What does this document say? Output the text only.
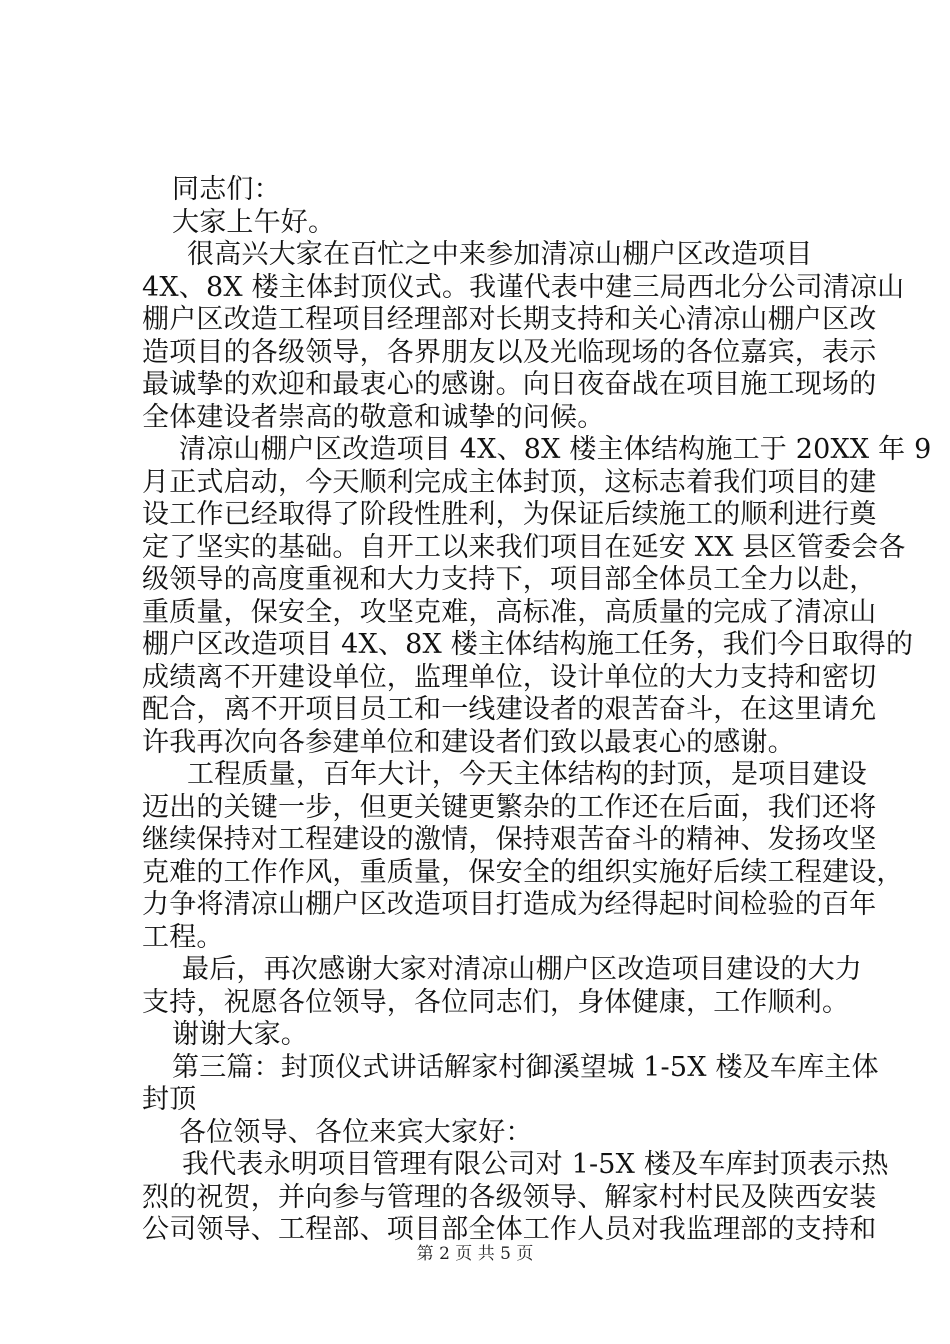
同志们：
大家上午好。
很高兴大家在百忙之中来参加清凉山棚户区改造项目
4X、8X 楼主体封顶仪式。我谨代表中建三局西北分公司清凉山
棚户区改造工程项目经理部对长期支持和关心清凉山棚户区改
造项目的各级领导，各界朋友以及光临现场的各位嘉宾，表示
最诚挚的欢迎和最衷心的感谢。向日夜奋战在项目施工现场的
全体建设者崇高的敬意和诚挚的问候。
清凉山棚户区改造项目 4X、8X 楼主体结构施工于 20XX 年 9
月正式启动，今天顺利完成主体封顶，这标志着我们项目的建
设工作已经取得了阶段性胜利，为保证后续施工的顺利进行奠
定了坚实的基础。自开工以来我们项目在延安 XX 县区管委会各
级领导的高度重视和大力支持下，项目部全体员工全力以赴，
重质量，保安全，攻坚克难，高标准，高质量的完成了清凉山
棚户区改造项目 4X、8X 楼主体结构施工任务，我们今日取得的
成绩离不开建设单位，监理单位，设计单位的大力支持和密切
配合，离不开项目员工和一线建设者的艰苦奋斗，在这里请允
许我再次向各参建单位和建设者们致以最衷心的感谢。
工程质量，百年大计，今天主体结构的封顶，是项目建设
迈出的关键一步，但更关键更繁杂的工作还在后面，我们还将
继续保持对工程建设的激情，保持艰苦奋斗的精神、发扬攻坚
克难的工作作风，重质量，保安全的组织实施好后续工程建设，
力争将清凉山棚户区改造项目打造成为经得起时间检验的百年
工程。
最后，再次感谢大家对清凉山棚户区改造项目建设的大力
支持，祝愿各位领导，各位同志们，身体健康，工作顺利。
谢谢大家。
第三篇：封顶仪式讲话解家村御溪望城 1-5X 楼及车库主体
封顶
各位领导、各位来宾大家好：
我代表永明项目管理有限公司对 1-5X 楼及车库封顶表示热
烈的祝贺，并向参与管理的各级领导、解家村村民及陕西安装
公司领导、工程部、项目部全体工作人员对我监理部的支持和
第 2 页 共 5 页
